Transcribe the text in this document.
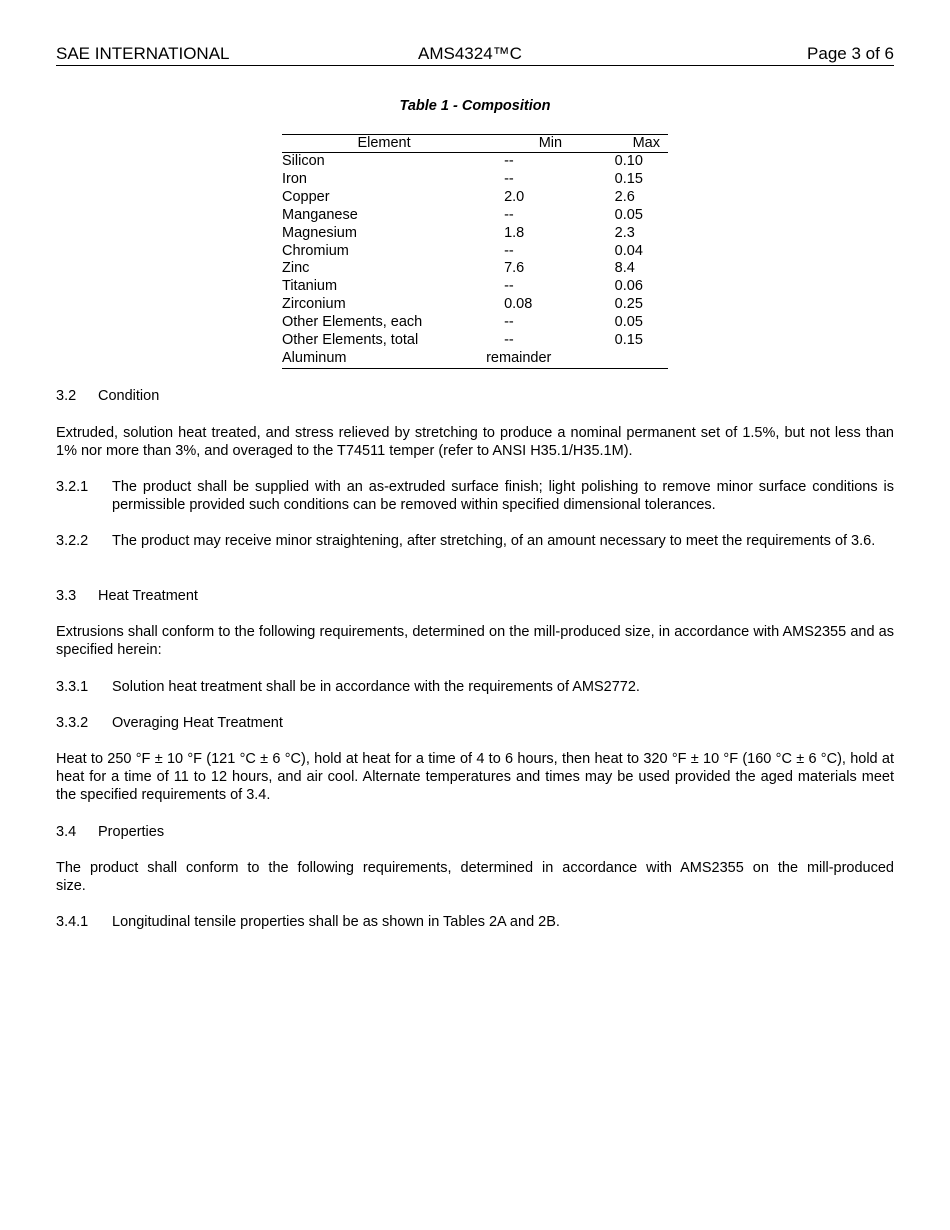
SAE INTERNATIONAL	AMS4324™C	Page 3 of 6
Table 1 - Composition
Element	Min	Max
Silicon	--	0.10
Iron	--	0.15
Copper	2.0	2.6
Manganese	--	0.05
Magnesium	1.8	2.3
Chromium	--	0.04
Zinc	7.6	8.4
Titanium	--	0.06
Zirconium	0.08	0.25
Other Elements, each	--	0.05
Other Elements, total	--	0.15
Aluminum	remainder	
3.2 Condition
Extruded, solution heat treated, and stress relieved by stretching to produce a nominal permanent set of 1.5%, but not less than 1% nor more than 3%, and overaged to the T74511 temper (refer to ANSI H35.1/H35.1M).
3.2.1 The product shall be supplied with an as-extruded surface finish; light polishing to remove minor surface conditions is permissible provided such conditions can be removed within specified dimensional tolerances.
3.2.2 The product may receive minor straightening, after stretching, of an amount necessary to meet the requirements of 3.6.
3.3 Heat Treatment
Extrusions shall conform to the following requirements, determined on the mill-produced size, in accordance with AMS2355 and as specified herein:
3.3.1 Solution heat treatment shall be in accordance with the requirements of AMS2772.
3.3.2 Overaging Heat Treatment
Heat to 250 °F ± 10 °F (121 °C ± 6 °C), hold at heat for a time of 4 to 6 hours, then heat to 320 °F ± 10 °F (160 °C ± 6 °C), hold at heat for a time of 11 to 12 hours, and air cool. Alternate temperatures and times may be used provided the aged materials meet the specified requirements of 3.4.
3.4 Properties
The product shall conform to the following requirements, determined in accordance with AMS2355 on the mill-produced size.
3.4.1 Longitudinal tensile properties shall be as shown in Tables 2A and 2B.
